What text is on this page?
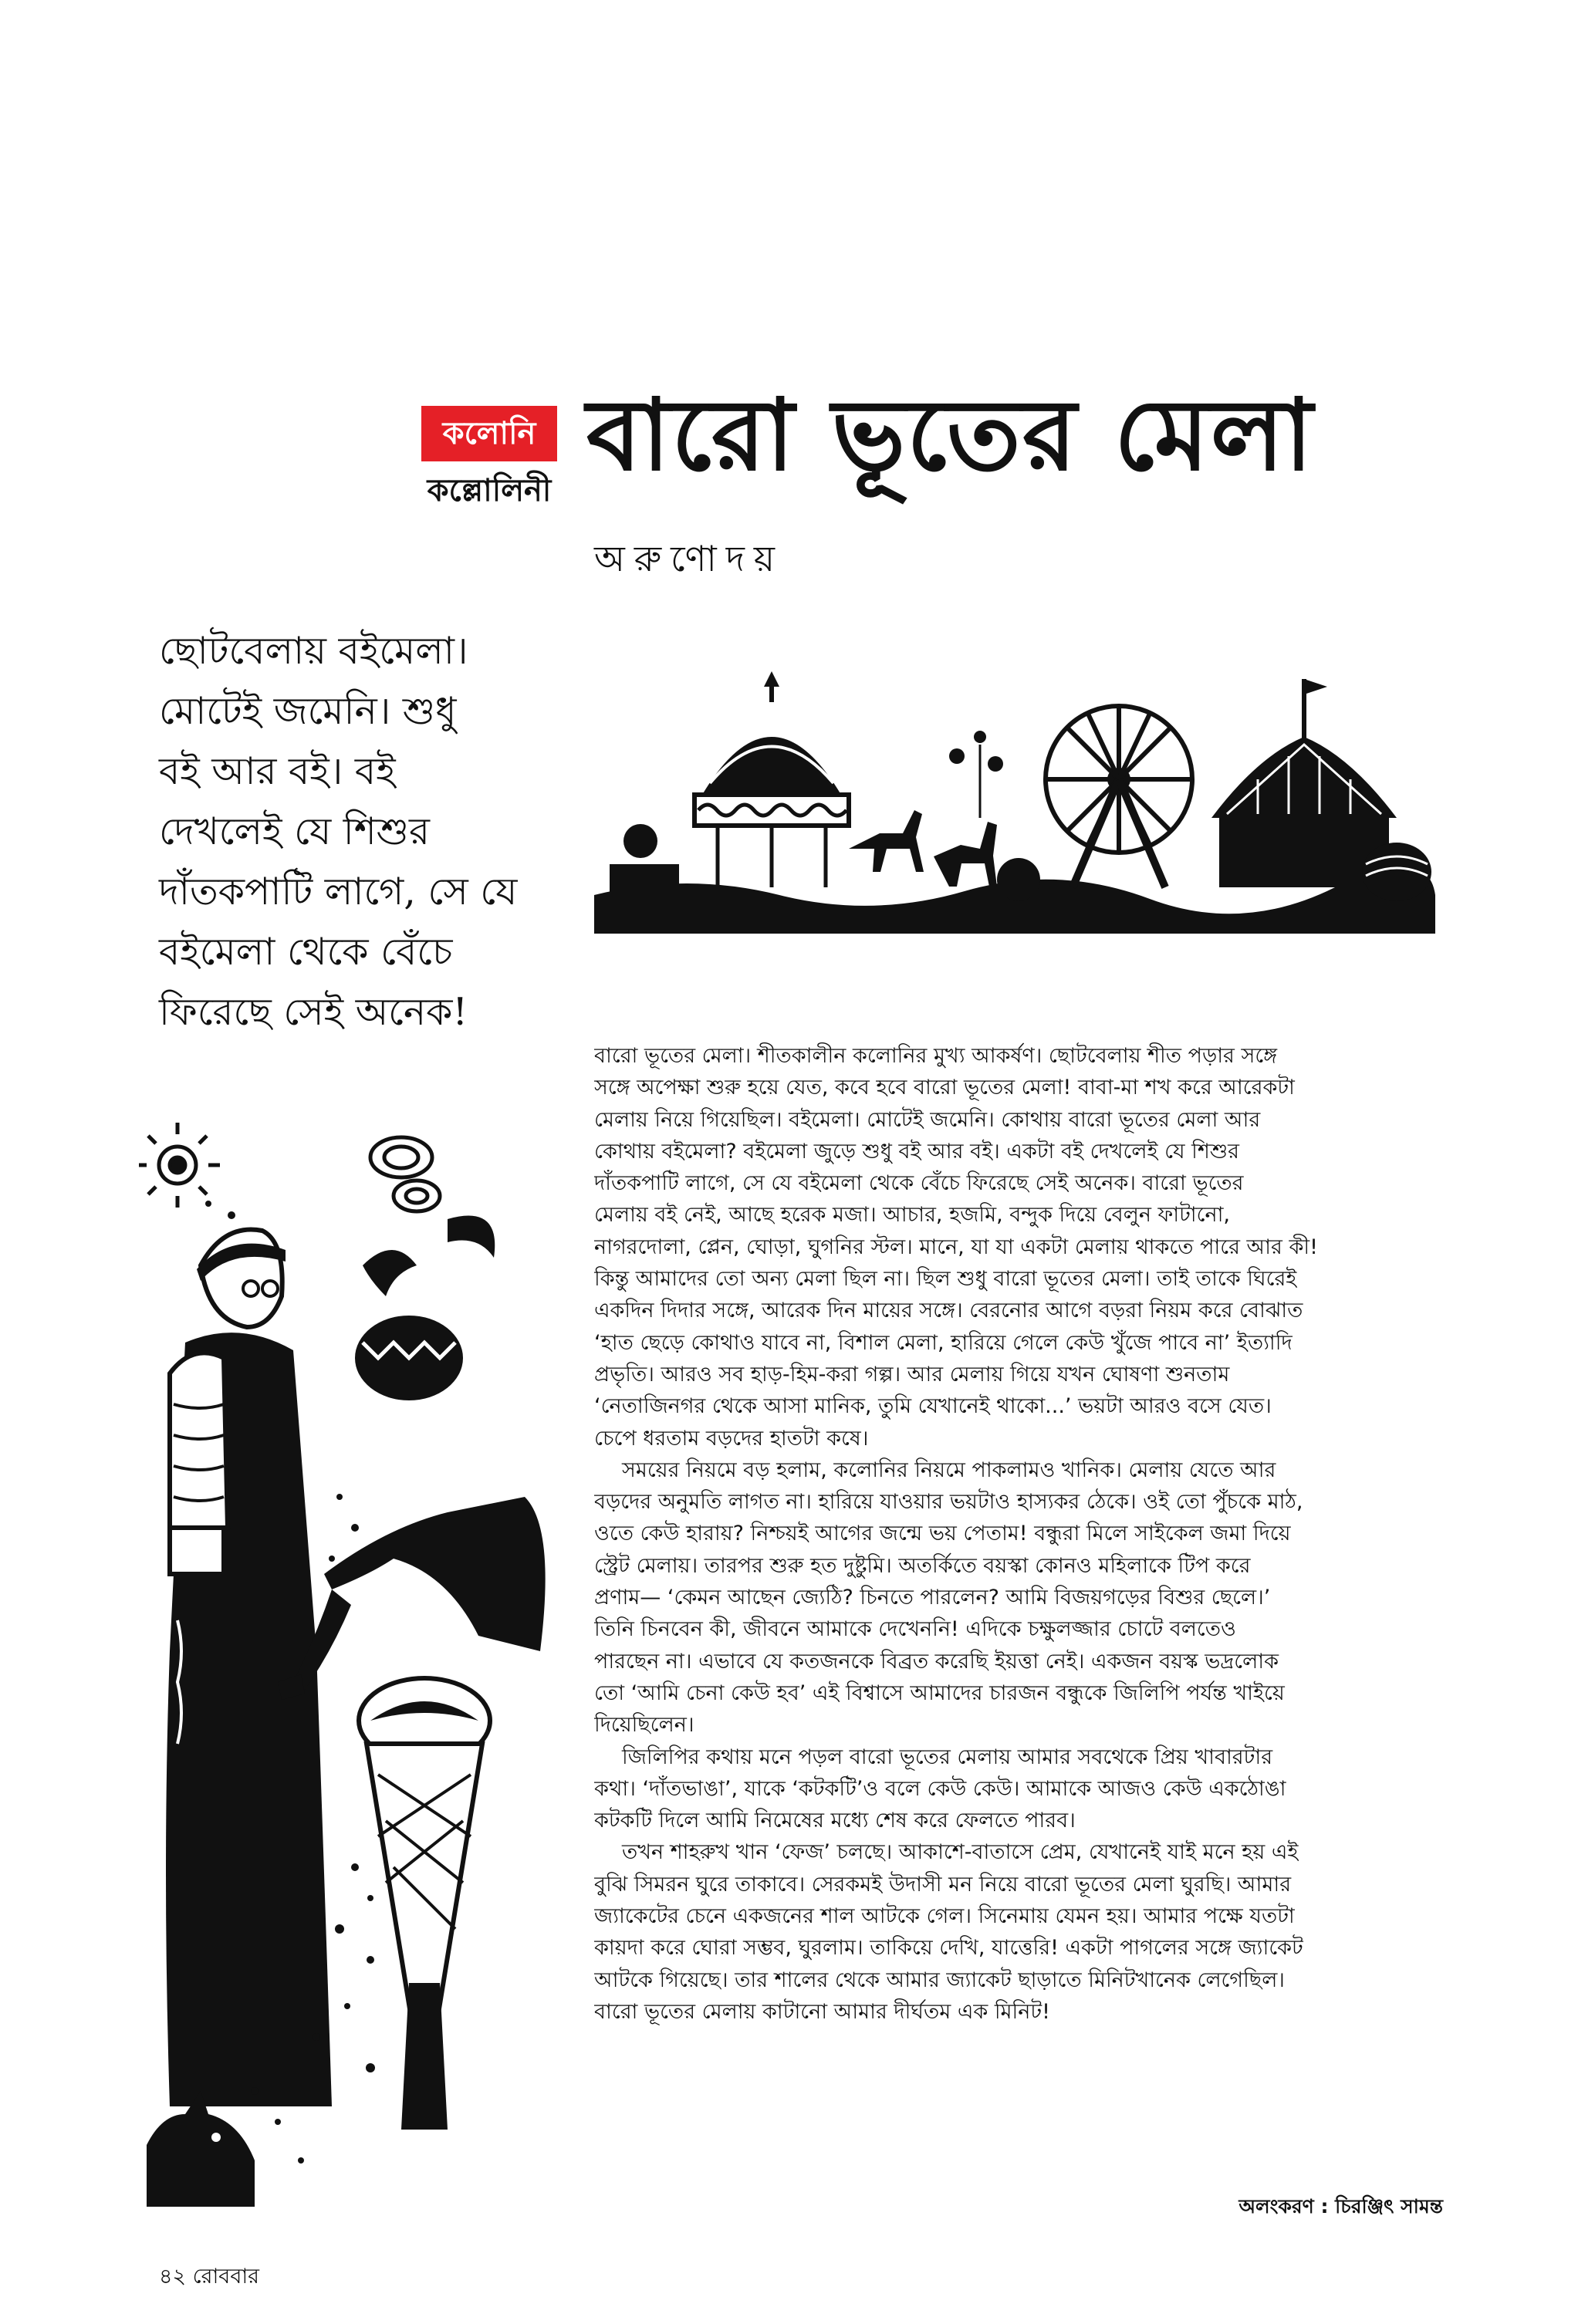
কলোনি
কল্লোলিনী বারো ভূতের মেলা
অরুণোদয়
ছোটবেলায় বইমেলা।
মোটেই জমেনি। শুধু
বই আর বই। বই
দেখলেই যে শিশুর
দাঁতকপাটি লাগে, সে যে
বইমেলা থেকে বেঁচে
ফিরেছে সেই অনেক!
বারো ভূতের মেলা। শীতকালীন কলোনির মুখ্য আকর্ষণ। ছোটবেলায় শীত পড়ার সঙ্গে
সঙ্গে অপেক্ষা শুরু হয়ে যেত, কবে হবে বারো ভূতের মেলা! বাবা-মা শখ করে আরেকটা
মেলায় নিয়ে গিয়েছিল। বইমেলা। মোটেই জমেনি। কোথায় বারো ভূতের মেলা আর
কোথায় বইমেলা? বইমেলা জুড়ে শুধু বই আর বই। একটা বই দেখলেই যে শিশুর
দাঁতকপাটি লাগে, সে যে বইমেলা থেকে বেঁচে ফিরেছে সেই অনেক। বারো ভূতের
মেলায় বই নেই, আছে হরেক মজা। আচার, হজমি, বন্দুক দিয়ে বেলুন ফাটানো,
নাগরদোলা, প্লেন, ঘোড়া, ঘুগনির স্টল। মানে, যা যা একটা মেলায় থাকতে পারে আর কী!
কিন্তু আমাদের তো অন্য মেলা ছিল না। ছিল শুধু বারো ভূতের মেলা। তাই তাকে ঘিরেই
একদিন দিদার সঙ্গে, আরেক দিন মায়ের সঙ্গে। বেরনোর আগে বড়রা নিয়ম করে বোঝাত
‘হাত ছেড়ে কোথাও যাবে না, বিশাল মেলা, হারিয়ে গেলে কেউ খুঁজে পাবে না’ ইত্যাদি
প্রভৃতি। আরও সব হাড়-হিম-করা গল্প। আর মেলায় গিয়ে যখন ঘোষণা শুনতাম
‘নেতাজিনগর থেকে আসা মানিক, তুমি যেখানেই থাকো...’ ভয়টা আরও বসে যেত।
চেপে ধরতাম বড়দের হাতটা কষে।
সময়ের নিয়মে বড় হলাম, কলোনির নিয়মে পাকলামও খানিক। মেলায় যেতে আর
বড়দের অনুমতি লাগত না। হারিয়ে যাওয়ার ভয়টাও হাস্যকর ঠেকে। ওই তো পুঁচকে মাঠ,
ওতে কেউ হারায়? নিশ্চয়ই আগের জন্মে ভয় পেতাম! বন্ধুরা মিলে সাইকেল জমা দিয়ে
স্ট্রেট মেলায়। তারপর শুরু হত দুষ্টুমি। অতর্কিতে বয়স্কা কোনও মহিলাকে টিপ করে
প্রণাম— ‘কেমন আছেন জ্যেঠি? চিনতে পারলেন? আমি বিজয়গড়ের বিশুর ছেলে।’
তিনি চিনবেন কী, জীবনে আমাকে দেখেননি! এদিকে চক্ষুলজ্জার চোটে বলতেও
পারছেন না। এভাবে যে কতজনকে বিব্রত করেছি ইয়ত্তা নেই। একজন বয়স্ক ভদ্রলোক
তো ‘আমি চেনা কেউ হব’ এই বিশ্বাসে আমাদের চারজন বন্ধুকে জিলিপি পর্যন্ত খাইয়ে
দিয়েছিলেন।
জিলিপির কথায় মনে পড়ল বারো ভূতের মেলায় আমার সবথেকে প্রিয় খাবারটার
কথা। ‘দাঁতভাঙা’, যাকে ‘কটকটি’ও বলে কেউ কেউ। আমাকে আজও কেউ একঠোঙা
কটকটি দিলে আমি নিমেষের মধ্যে শেষ করে ফেলতে পারব।
তখন শাহরুখ খান ‘ফেজ’ চলছে। আকাশে-বাতাসে প্রেম, যেখানেই যাই মনে হয় এই
বুঝি সিমরন ঘুরে তাকাবে। সেরকমই উদাসী মন নিয়ে বারো ভূতের মেলা ঘুরছি। আমার
জ্যাকেটের চেনে একজনের শাল আটকে গেল। সিনেমায় যেমন হয়। আমার পক্ষে যতটা
কায়দা করে ঘোরা সম্ভব, ঘুরলাম। তাকিয়ে দেখি, যাত্তেরি! একটা পাগলের সঙ্গে জ্যাকেট
আটকে গিয়েছে। তার শালের থেকে আমার জ্যাকেট ছাড়াতে মিনিটখানেক লেগেছিল।
বারো ভূতের মেলায় কাটানো আমার দীর্ঘতম এক মিনিট!
অলংকরণ : চিরঞ্জিৎ সামন্ত
৪২ রোববার
